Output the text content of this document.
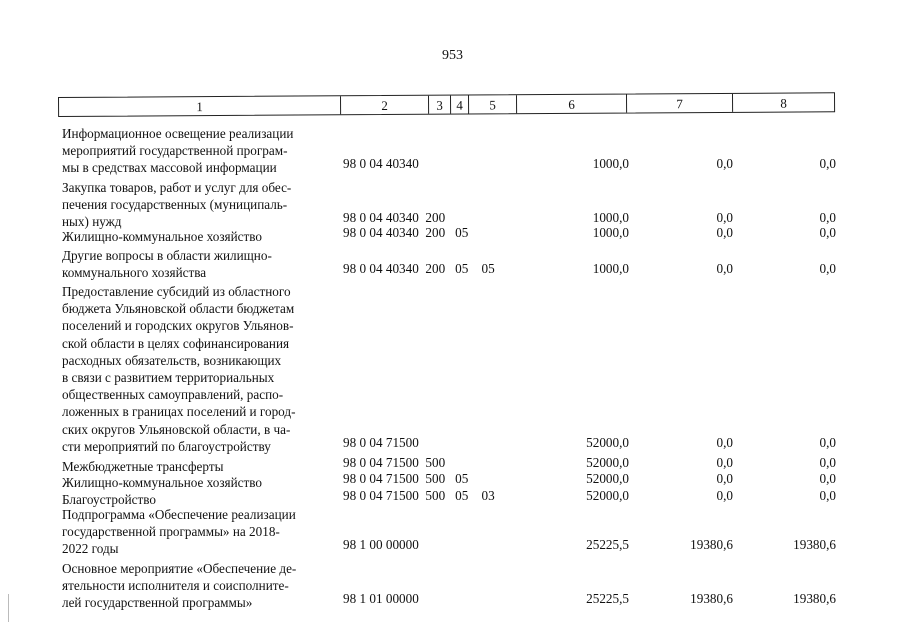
953
1	2	3	4	5	6	7	8
Информационное освещение реализации
мероприятий государственной програм-
мы в средствах массовой информации	98 0 04 40340	1000,0	0,0	0,0
Закупка товаров, работ и услуг для обес-
печения государственных (муниципаль-
ных) нужд	98 0 04 40340  200	1000,0	0,0	0,0
Жилищно-коммунальное хозяйство	98 0 04 40340  200   05	1000,0	0,0	0,0
Другие вопросы в области жилищно-
коммунального хозяйства	98 0 04 40340  200   05    05	1000,0	0,0	0,0
Предоставление субсидий из областного
бюджета Ульяновской области бюджетам
поселений и городских округов Ульянов-
ской области в целях софинансирования
расходных обязательств, возникающих
в связи с развитием территориальных
общественных самоуправлений, распо-
ложенных в границах поселений и город-
ских округов Ульяновской области, в ча-
сти мероприятий по благоустройству	98 0 04 71500	52000,0	0,0	0,0
Межбюджетные трансферты	98 0 04 71500  500	52000,0	0,0	0,0
Жилищно-коммунальное хозяйство	98 0 04 71500  500   05	52000,0	0,0	0,0
Благоустройство	98 0 04 71500  500   05    03	52000,0	0,0	0,0
Подпрограмма «Обеспечение реализации
государственной программы» на 2018-
2022 годы	98 1 00 00000	25225,5	19380,6	19380,6
Основное мероприятие «Обеспечение де-
ятельности исполнителя и соисполните-
лей государственной программы»	98 1 01 00000	25225,5	19380,6	19380,6
